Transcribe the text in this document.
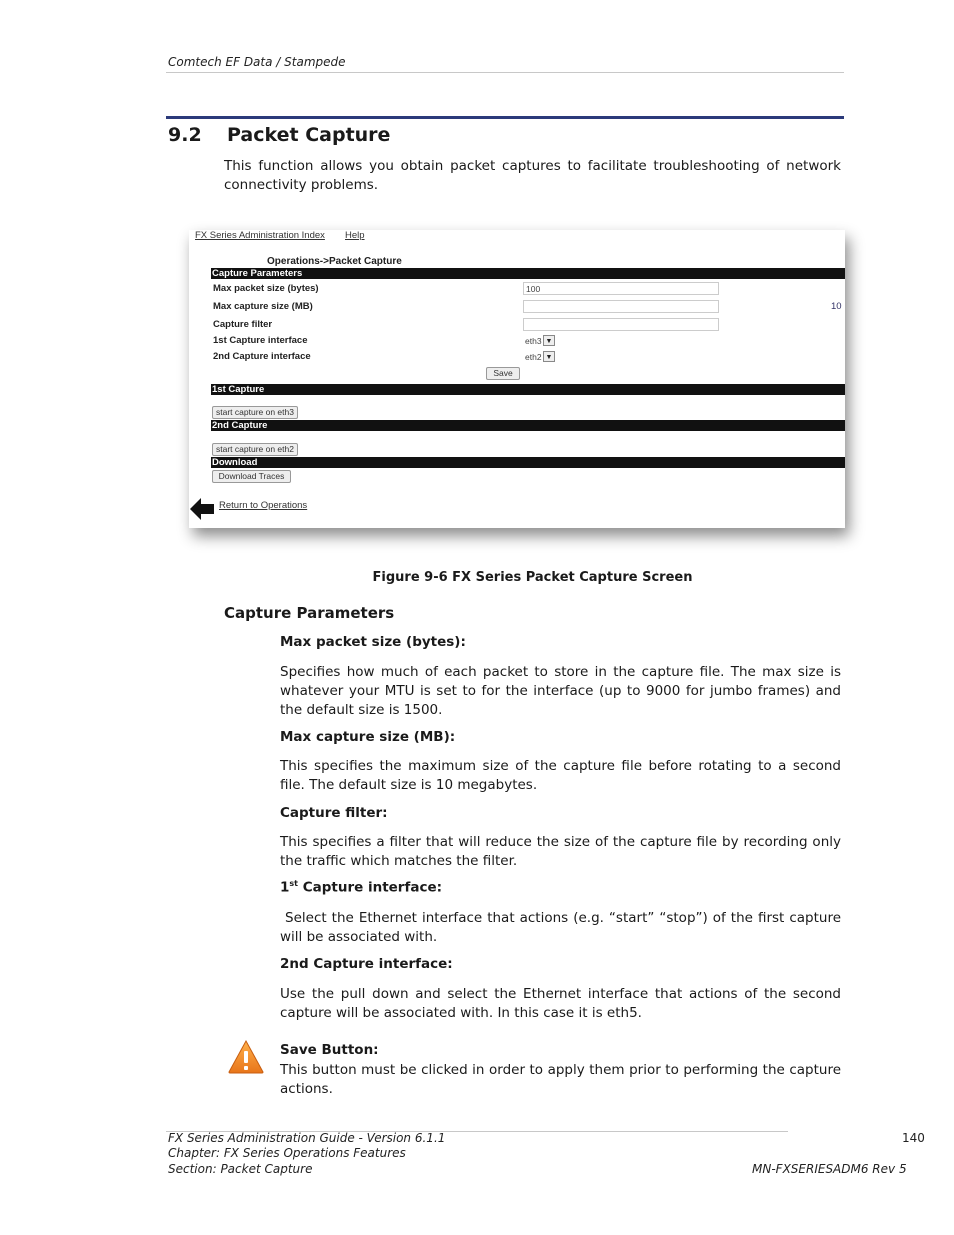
Comtech EF Data / Stampede
9.2 Packet Capture
This function allows you obtain packet captures to facilitate troubleshooting of network connectivity problems.
FX Series Administration Index Help
Operations->Packet Capture
Capture Parameters
Max packet size (bytes)	100
Max capture size (MB)	10
Capture filter
1st Capture interface	eth3 ▼
2nd Capture interface	eth2 ▼
Save
1st Capture
start capture on eth3
2nd Capture
start capture on eth2
Download
Download Traces
Return to Operations
Figure 9-6 FX Series Packet Capture Screen
Capture Parameters
Max packet size (bytes):
Specifies how much of each packet to store in the capture file. The max size is whatever your MTU is set to for the interface (up to 9000 for jumbo frames) and the default size is 1500.
Max capture size (MB):
This specifies the maximum size of the capture file before rotating to a second file. The default size is 10 megabytes.
Capture filter:
This specifies a filter that will reduce the size of the capture file by recording only the traffic which matches the filter.
1st Capture interface:
Select the Ethernet interface that actions (e.g. “start” “stop”) of the first capture will be associated with.
2nd Capture interface:
Use the pull down and select the Ethernet interface that actions of the second capture will be associated with. In this case it is eth5.
Save Button:
This button must be clicked in order to apply them prior to performing the capture actions.
FX Series Administration Guide - Version 6.1.1
Chapter: FX Series Operations Features
Section: Packet Capture
140
MN-FXSERIESADM6 Rev 5
